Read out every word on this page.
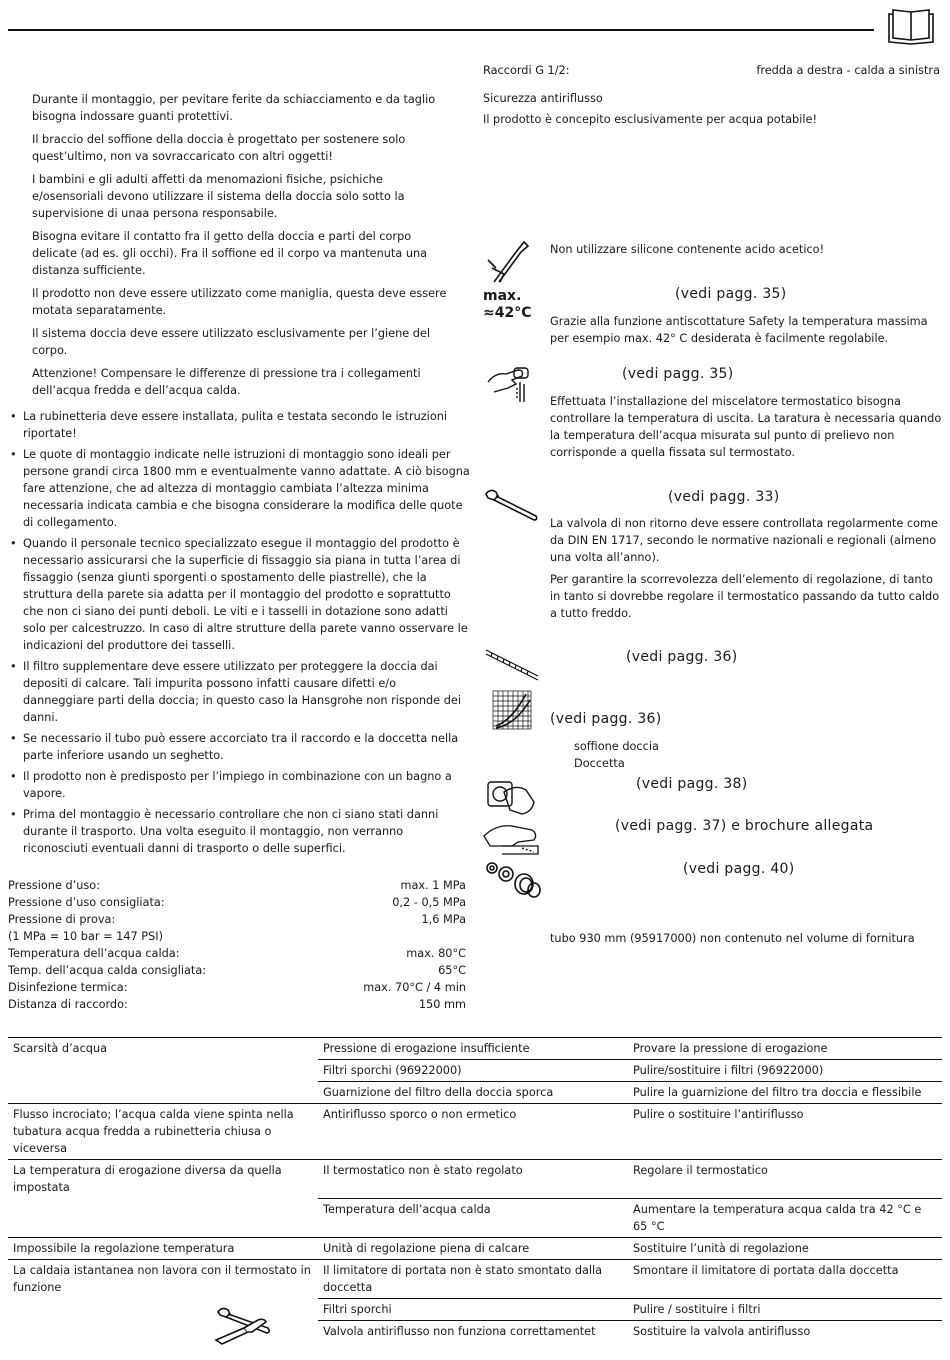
Durante il montaggio, per pevitare ferite da schiacciamento e da taglio bisogna indossare guanti protettivi.

Il braccio del soffione della doccia è progettato per sostenere solo quest’ultimo, non va sovraccaricato con altri oggetti!

I bambini e gli adulti affetti da menomazioni fisiche, psichiche e/osensoriali devono utilizzare il sistema della doccia solo sotto la supervisione di unaa persona responsabile.

Bisogna evitare il contatto fra il getto della doccia e parti del corpo delicate (ad es. gli occhi). Fra il soffione ed il corpo va mantenuta una distanza sufficiente.

Il prodotto non deve essere utilizzato come maniglia, questa deve essere motata separatamente.

Il sistema doccia deve essere utilizzato esclusivamente per l’giene del corpo.

Attenzione! Compensare le differenze di pressione tra i collegamenti dell’acqua fredda e dell’acqua calda.

• La rubinetteria deve essere installata, pulita e testata secondo le istruzioni riportate!
• Le quote di montaggio indicate nelle istruzioni di montaggio sono ideali per persone grandi circa 1800 mm e eventualmente vanno adattate. A ciò bisogna fare attenzione, che ad altezza di montaggio cambiata l’altezza minima necessaria indicata cambia e che bisogna considerare la modifica delle quote di collegamento.
• Quando il personale tecnico specializzato esegue il montaggio del prodotto è necessario assicurarsi che la superficie di fissaggio sia piana in tutta l’area di fissaggio (senza giunti sporgenti o spostamento delle piastrelle), che la struttura della parete sia adatta per il montaggio del prodotto e soprattutto che non ci siano dei punti deboli. Le viti e i tasselli in dotazione sono adatti solo per calcestruzzo. In caso di altre strutture della parete vanno osservare le indicazioni del produttore dei tasselli.
• Il filtro supplementare deve essere utilizzato per proteggere la doccia dai depositi di calcare. Tali impurita possono infatti causare difetti e/o danneggiare parti della doccia; in questo caso la Hansgrohe non risponde dei danni.
• Se necessario il tubo può essere accorciato tra il raccordo e la doccetta nella parte inferiore usando un seghetto.
• Il prodotto non è predisposto per l’impiego in combinazione con un bagno a vapore.
• Prima del montaggio è necessario controllare che non ci siano stati danni durante il trasporto. Una volta eseguito il montaggio, non verranno riconosciuti eventuali danni di trasporto o delle superfici.
Pressione d’uso:	max. 1 MPa
Pressione d’uso consigliata:	0,2 - 0,5 MPa
Pressione di prova:	1,6 MPa
(1 MPa = 10 bar = 147 PSI)
Temperatura dell’acqua calda:	max. 80°C
Temp. dell’acqua calda consigliata:	65°C
Disinfezione termica:	max. 70°C / 4 min
Distanza di raccordo:	150 mm
Raccordi G 1/2:	fredda a destra - calda a sinistra
Sicurezza antiriflusso
Il prodotto è concepito esclusivamente per acqua potabile!
Non utilizzare silicone contenente acido acetico!
max.
≈42°C
(vedi pagg. 35)
Grazie alla funzione antiscottature Safety la temperatura massima per esempio max. 42° C desiderata è facilmente regolabile.
(vedi pagg. 35)
Effettuata l’installazione del miscelatore termostatico bisogna controllare la temperatura di uscita. La taratura è necessaria quando la temperatura dell’acqua misurata sul punto di prelievo non corrisponde a quella fissata sul termostato.
(vedi pagg. 33)
La valvola di non ritorno deve essere controllata regolarmente come da DIN EN 1717, secondo le normative nazionali e regionali (almeno una volta all’anno).
Per garantire la scorrevolezza dell’elemento di regolazione, di tanto in tanto si dovrebbe regolare il termostatico passando da tutto caldo a tutto freddo.
(vedi pagg. 36)
(vedi pagg. 36)
soffione doccia
Doccetta
(vedi pagg. 38)
(vedi pagg. 37) e brochure allegata
(vedi pagg. 40)
tubo 930 mm (95917000) non contenuto nel volume di fornitura
Scarsità d’acqua	Pressione di erogazione insufficiente	Provare la pressione di erogazione
	Filtri sporchi (96922000)	Pulire/sostituire i filtri (96922000)
	Guarnizione del filtro della doccia sporca	Pulire la guarnizione del filtro tra doccia e flessibile
Flusso incrociato; l’acqua calda viene spinta nella tubatura acqua fredda a rubinetteria chiusa o viceversa	Antiriflusso sporco o non ermetico	Pulire o sostituire l’antiriflusso
La temperatura di erogazione diversa da quella impostata	Il termostatico non è stato regolato	Regolare il termostatico
	Temperatura dell’acqua calda	Aumentare la temperatura acqua calda tra 42 °C e 65 °C
Impossibile la regolazione temperatura	Unità di regolazione piena di calcare	Sostituire l’unità di regolazione
La caldaia istantanea non lavora con il termostato in funzione	Il limitatore di portata non è stato smontato dalla doccetta	Smontare il limitatore di portata dalla doccetta
	Filtri sporchi	Pulire / sostituire i filtri
	Valvola antiriflusso non funziona correttamentet	Sostituire la valvola antiriflusso
